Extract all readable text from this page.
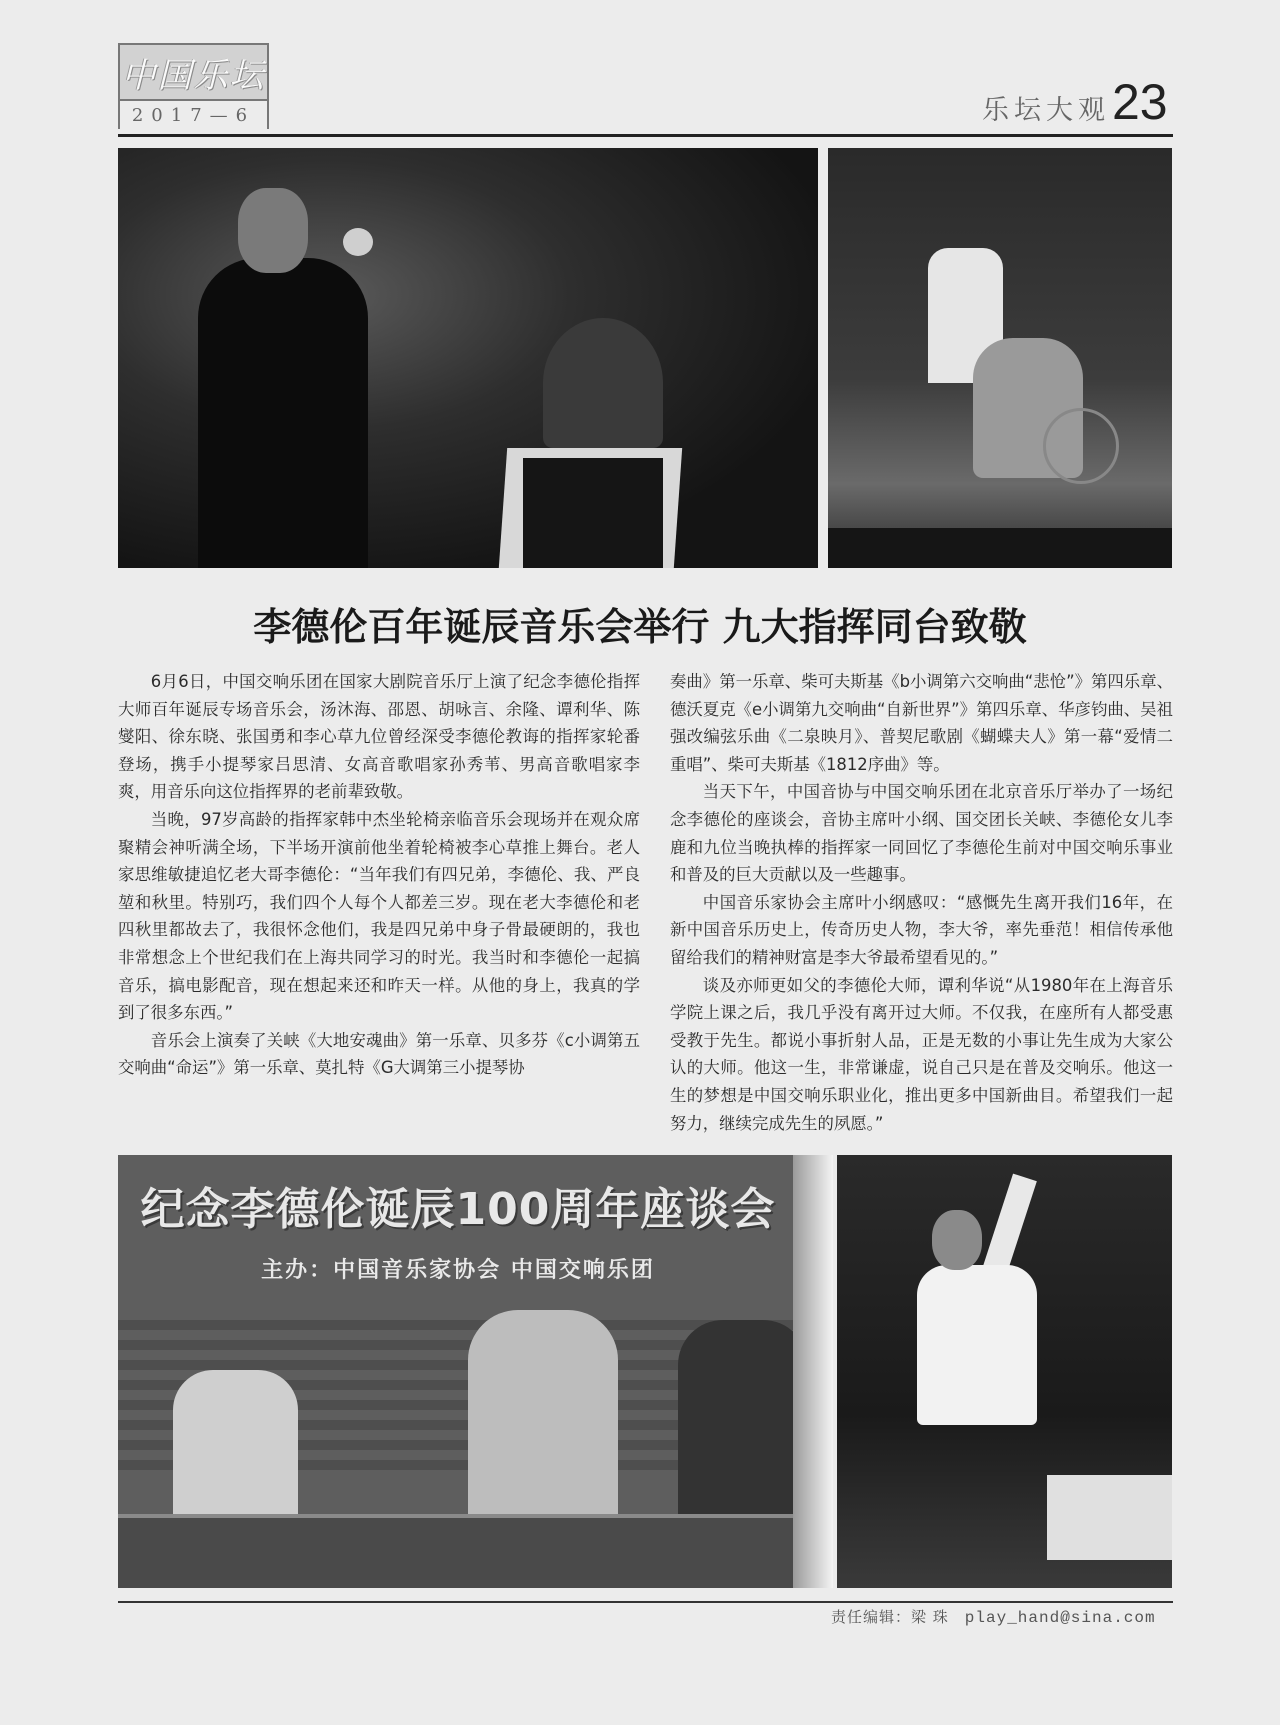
中国乐坛
2017—6	乐坛大观 23
李德伦百年诞辰音乐会举行 九大指挥同台致敬

6月6日，中国交响乐团在国家大剧院音乐厅上演了纪念李德伦指挥大师百年诞辰专场音乐会，汤沐海、邵恩、胡咏言、余隆、谭利华、陈燮阳、徐东晓、张国勇和李心草九位曾经深受李德伦教诲的指挥家轮番登场，携手小提琴家吕思清、女高音歌唱家孙秀苇、男高音歌唱家李爽，用音乐向这位指挥界的老前辈致敬。

当晚，97岁高龄的指挥家韩中杰坐轮椅亲临音乐会现场并在观众席聚精会神听满全场，下半场开演前他坐着轮椅被李心草推上舞台。老人家思维敏捷追忆老大哥李德伦：“当年我们有四兄弟，李德伦、我、严良堃和秋里。特别巧，我们四个人每个人都差三岁。现在老大李德伦和老四秋里都故去了，我很怀念他们，我是四兄弟中身子骨最硬朗的，我也非常想念上个世纪我们在上海共同学习的时光。我当时和李德伦一起搞音乐，搞电影配音，现在想起来还和昨天一样。从他的身上，我真的学到了很多东西。”

音乐会上演奏了关峡《大地安魂曲》第一乐章、贝多芬《c小调第五交响曲“命运”》第一乐章、莫扎特《G大调第三小提琴协

奏曲》第一乐章、柴可夫斯基《b小调第六交响曲“悲怆”》第四乐章、德沃夏克《e小调第九交响曲“自新世界”》第四乐章、华彦钧曲、吴祖强改编弦乐曲《二泉映月》、普契尼歌剧《蝴蝶夫人》第一幕“爱情二重唱”、柴可夫斯基《1812序曲》等。

当天下午，中国音协与中国交响乐团在北京音乐厅举办了一场纪念李德伦的座谈会，音协主席叶小纲、国交团长关峡、李德伦女儿李鹿和九位当晚执棒的指挥家一同回忆了李德伦生前对中国交响乐事业和普及的巨大贡献以及一些趣事。

中国音乐家协会主席叶小纲感叹：“感慨先生离开我们16年，在新中国音乐历史上，传奇历史人物，李大爷，率先垂范！相信传承他留给我们的精神财富是李大爷最希望看见的。”

谈及亦师更如父的李德伦大师，谭利华说“从1980年在上海音乐学院上课之后，我几乎没有离开过大师。不仅我，在座所有人都受惠受教于先生。都说小事折射人品，正是无数的小事让先生成为大家公认的大师。他这一生，非常谦虚，说自己只是在普及交响乐。他这一生的梦想是中国交响乐职业化，推出更多中国新曲目。希望我们一起努力，继续完成先生的夙愿。”

纪念李德伦诞辰100周年座谈会
主办：中国音乐家协会 中国交响乐团
责任编辑：梁 珠 play_hand@sina.com
